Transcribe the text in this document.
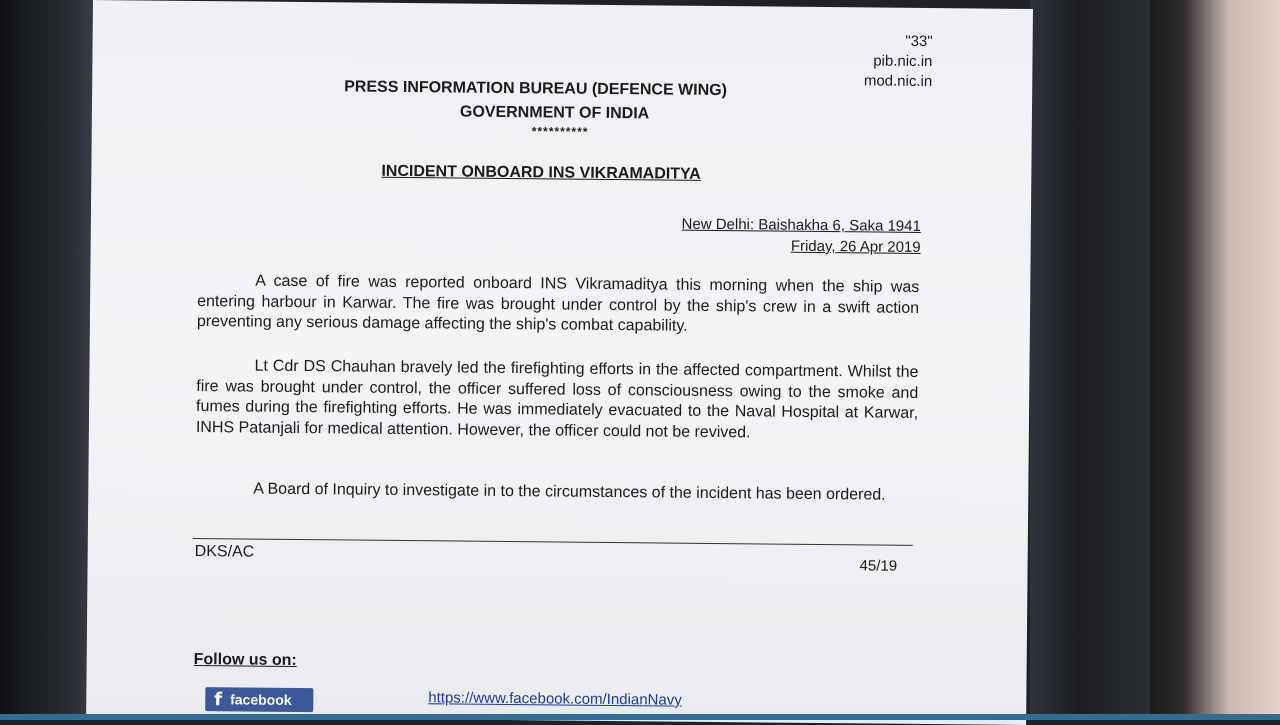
"33"
pib.nic.in
mod.nic.in
PRESS INFORMATION BUREAU (DEFENCE WING)
GOVERNMENT OF INDIA
**********
INCIDENT ONBOARD INS VIKRAMADITYA
New Delhi: Baishakha 6, Saka 1941
Friday, 26 Apr 2019

A case of fire was reported onboard INS Vikramaditya this morning when the ship was entering harbour in Karwar. The fire was brought under control by the ship's crew in a swift action preventing any serious damage affecting the ship's combat capability.

Lt Cdr DS Chauhan bravely led the firefighting efforts in the affected compartment. Whilst the fire was brought under control, the officer suffered loss of consciousness owing to the smoke and fumes during the firefighting efforts. He was immediately evacuated to the Naval Hospital at Karwar, INHS Patanjali for medical attention. However, the officer could not be revived.

A Board of Inquiry to investigate in to the circumstances of the incident has been ordered.

DKS/AC
45/19
Follow us on:
f facebook	https://www.facebook.com/IndianNavy
